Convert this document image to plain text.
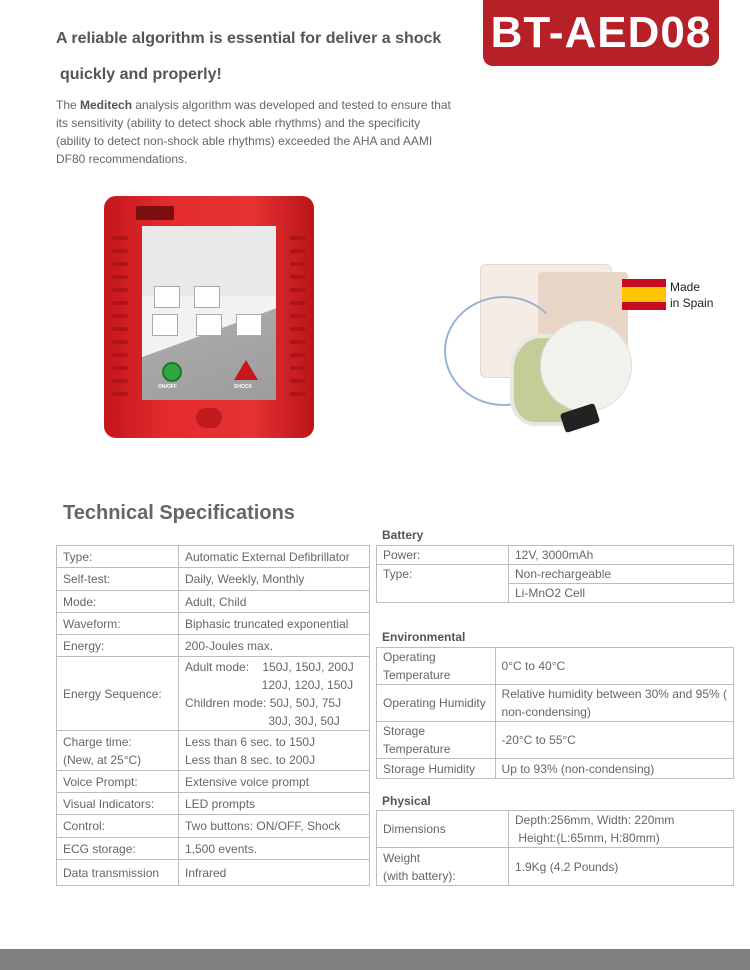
A reliable algorithm is essential for deliver a shock
quickly and properly!
BT-AED08

The Meditech analysis algorithm was developed and tested to ensure that its sensitivity (ability to detect shock able rhythms) and the specificity (ability to detect non-shock able rhythms) exceeded the AHA and AAMI DF80 recommendations.

ON/OFF	SHOCK
Made
in Spain
Technical Specifications
Type:	Automatic External Defibrillator
Self-test:	Daily, Weekly, Monthly
Mode:	Adult, Child
Waveform:	Biphasic truncated exponential
Energy:	200-Joules max.
Energy Sequence:	Adult mode:    150J, 150J, 200J
120J, 120J, 150J
Children mode: 50J, 50J, 75J
30J, 30J, 50J
Charge time:
(New, at 25°C)	Less than 6 sec. to 150J
Less than 8 sec. to 200J
Voice Prompt:	Extensive voice prompt
Visual Indicators:	LED prompts
Control:	Two buttons: ON/OFF, Shock
ECG storage:	1,500 events.
Data transmission	Infrared
Battery
Power:	12V, 3000mAh
Type:	Non-rechargeable
	Li-MnO2 Cell
Environmental
Operating
Temperature	0°C to 40°C
Operating Humidity	Relative humidity between 30% and 95% (
non-condensing)
Storage Temperature	-20°C to 55°C
Storage Humidity	Up to 93% (non-condensing)
Physical
Dimensions	Depth:256mm, Width: 220mm
Height:(L:65mm, H:80mm)
Weight
(with battery):	1.9Kg (4.2 Pounds)
